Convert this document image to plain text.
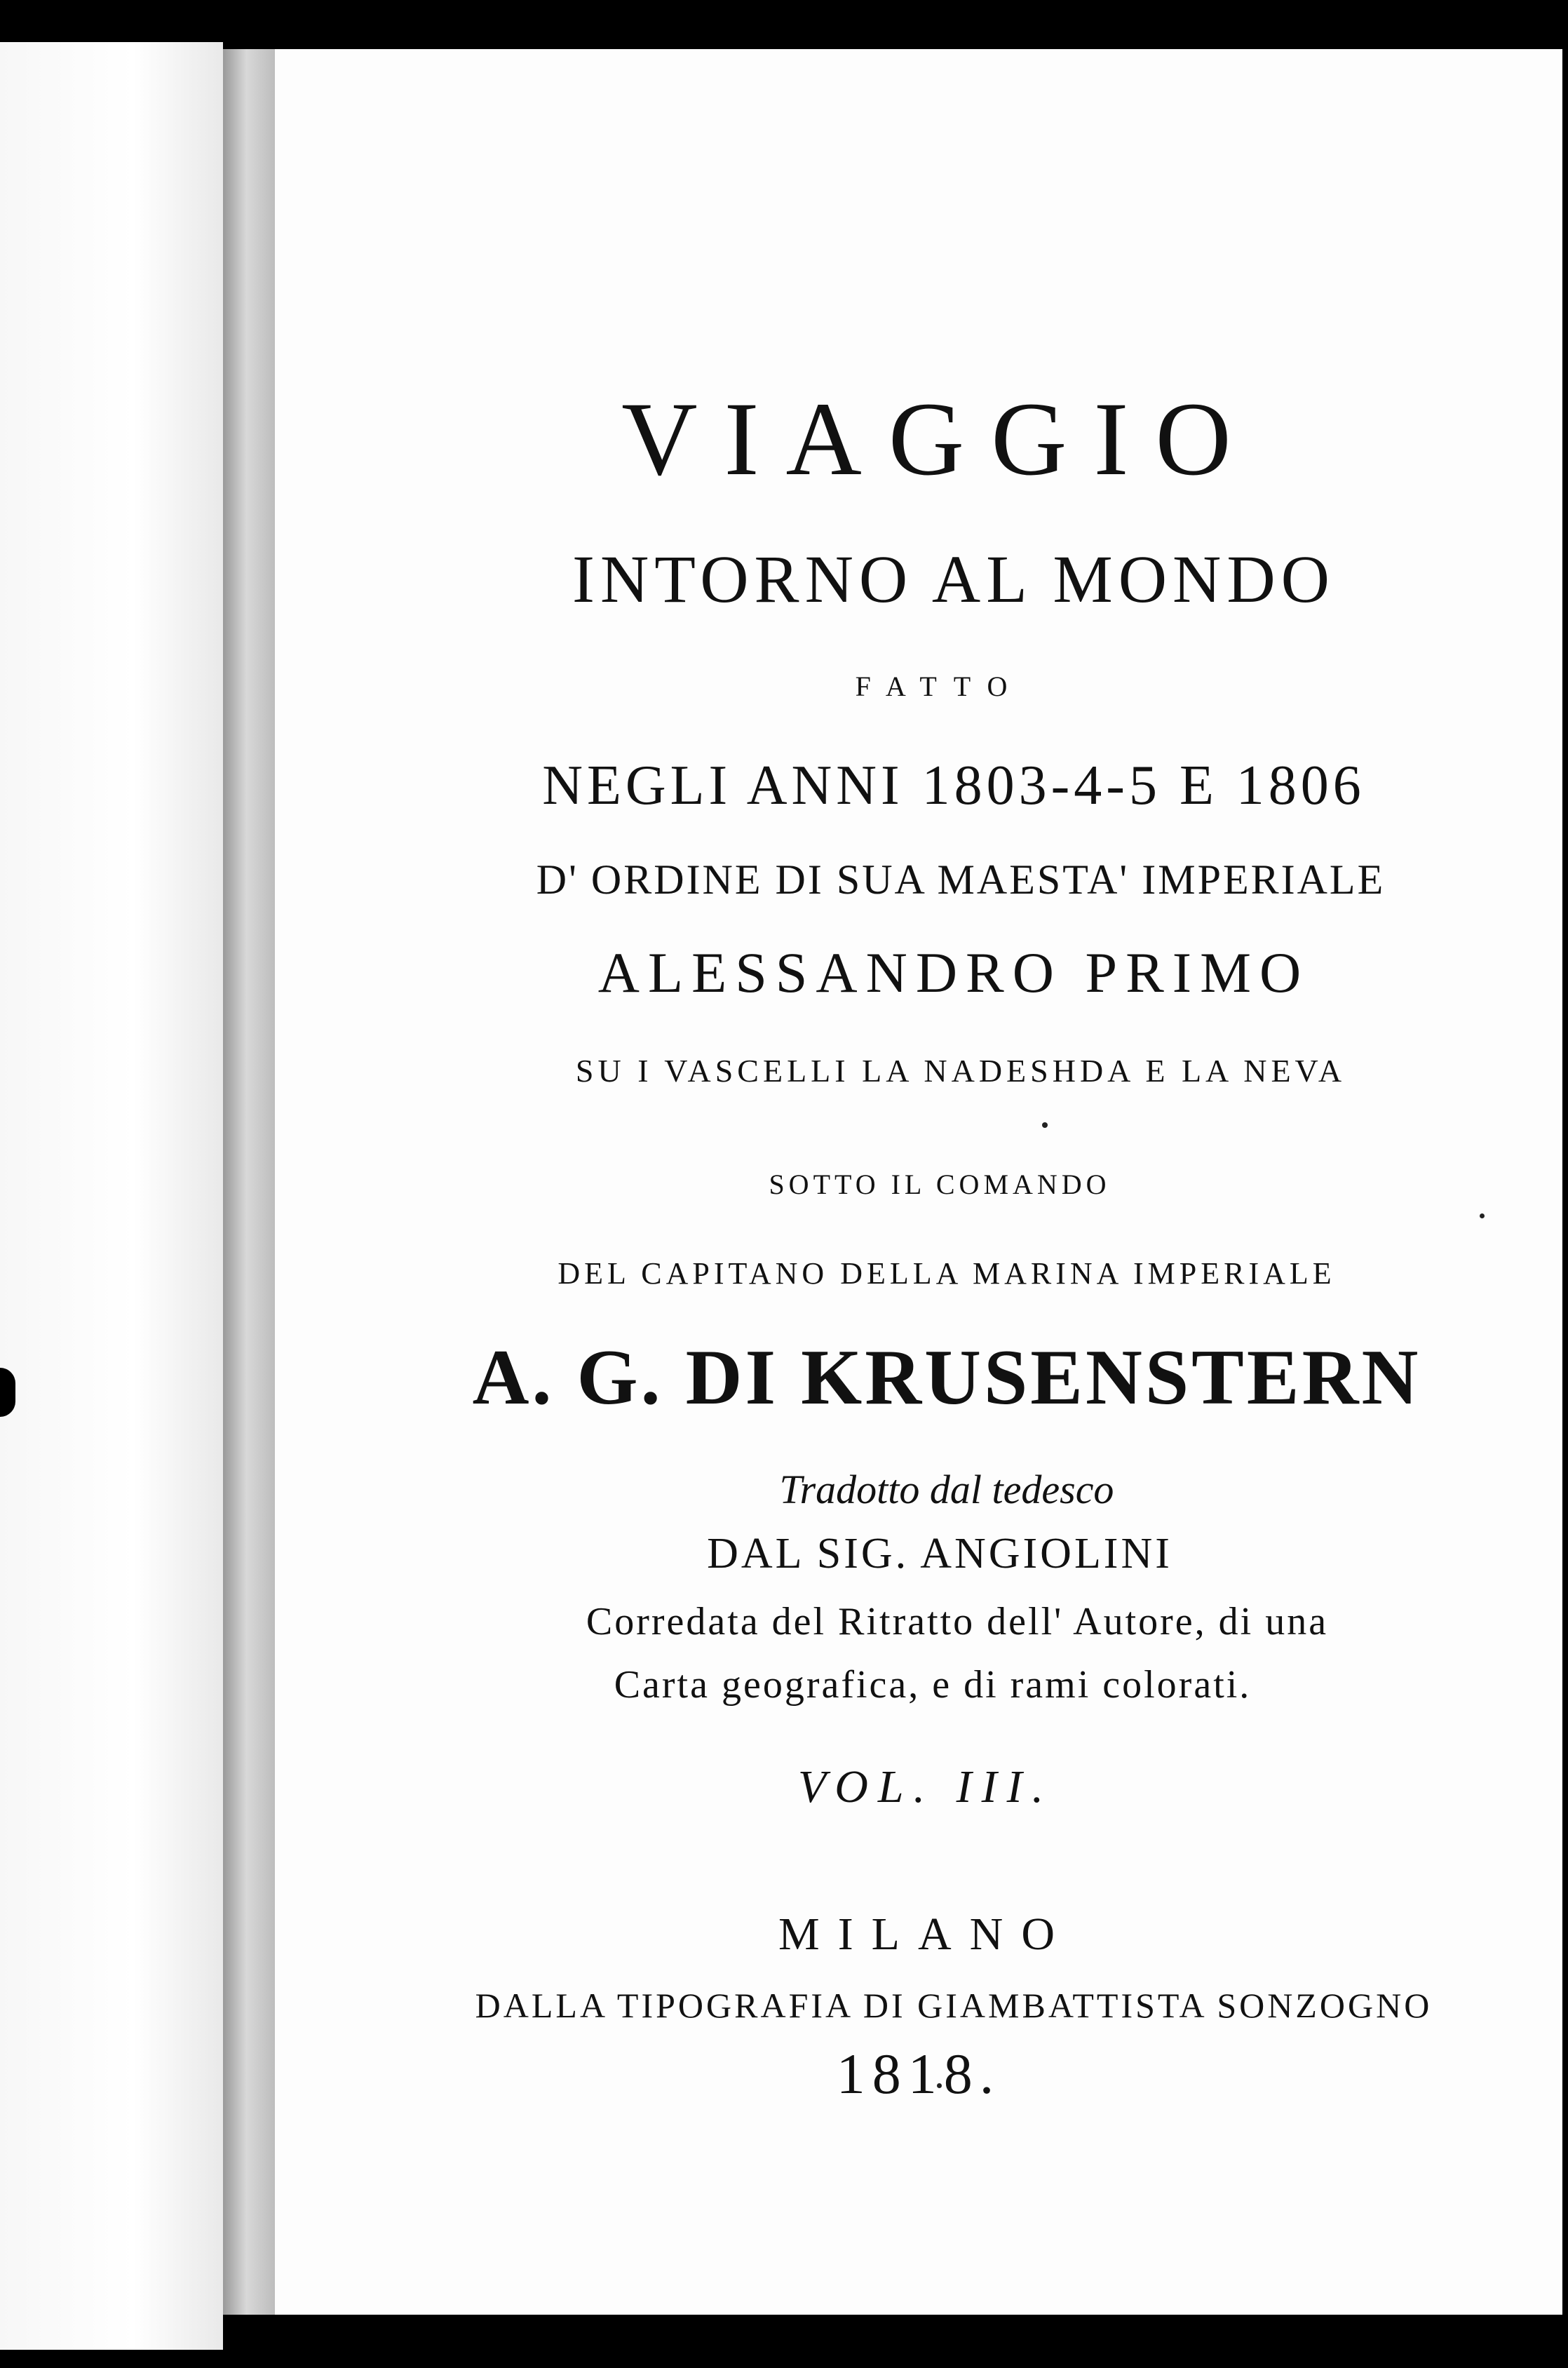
VIAGGIO
INTORNO AL MONDO
FATTO
NEGLI ANNI 1803-4-5 E 1806
D' ORDINE DI SUA MAESTA' IMPERIALE
ALESSANDRO PRIMO
SU I VASCELLI LA NADESHDA E LA NEVA
SOTTO IL COMANDO
DEL CAPITANO DELLA MARINA IMPERIALE
A. G. DI KRUSENSTERN
Tradotto dal tedesco
DAL SIG. ANGIOLINI
Corredata del Ritratto dell' Autore, di una
Carta geografica, e di rami colorati.
VOL. III.
MILANO
DALLA TIPOGRAFIA DI GIAMBATTISTA SONZOGNO
1818.
